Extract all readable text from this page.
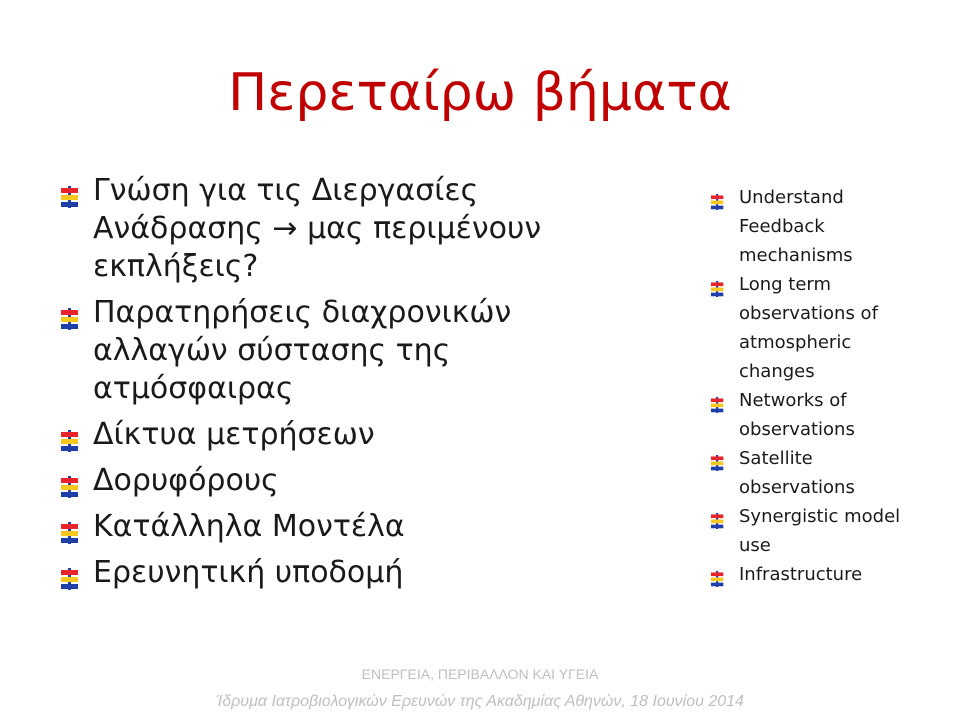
Περεταίρω βήματα
Γνώση για τις Διεργασίες Ανάδρασης → μας περιμένουν εκπλήξεις?
Παρατηρήσεις διαχρονικών αλλαγών σύστασης της ατμόσφαιρας
Δίκτυα μετρήσεων
Δορυφόρους
Κατάλληλα Μοντέλα
Ερευνητική υποδομή
Understand Feedback mechanisms
Long term observations of atmospheric changes
Networks of observations
Satellite observations
Synergistic model use
Infrastructure
ΕΝΕΡΓΕΙΑ, ΠΕΡΙΒΑΛΛΟΝ ΚΑΙ ΥΓΕΙΑ
Ίδρυμα Ιατροβιολογικών Ερευνών της Ακαδημίας Αθηνών, 18 Ιουνίου 2014
